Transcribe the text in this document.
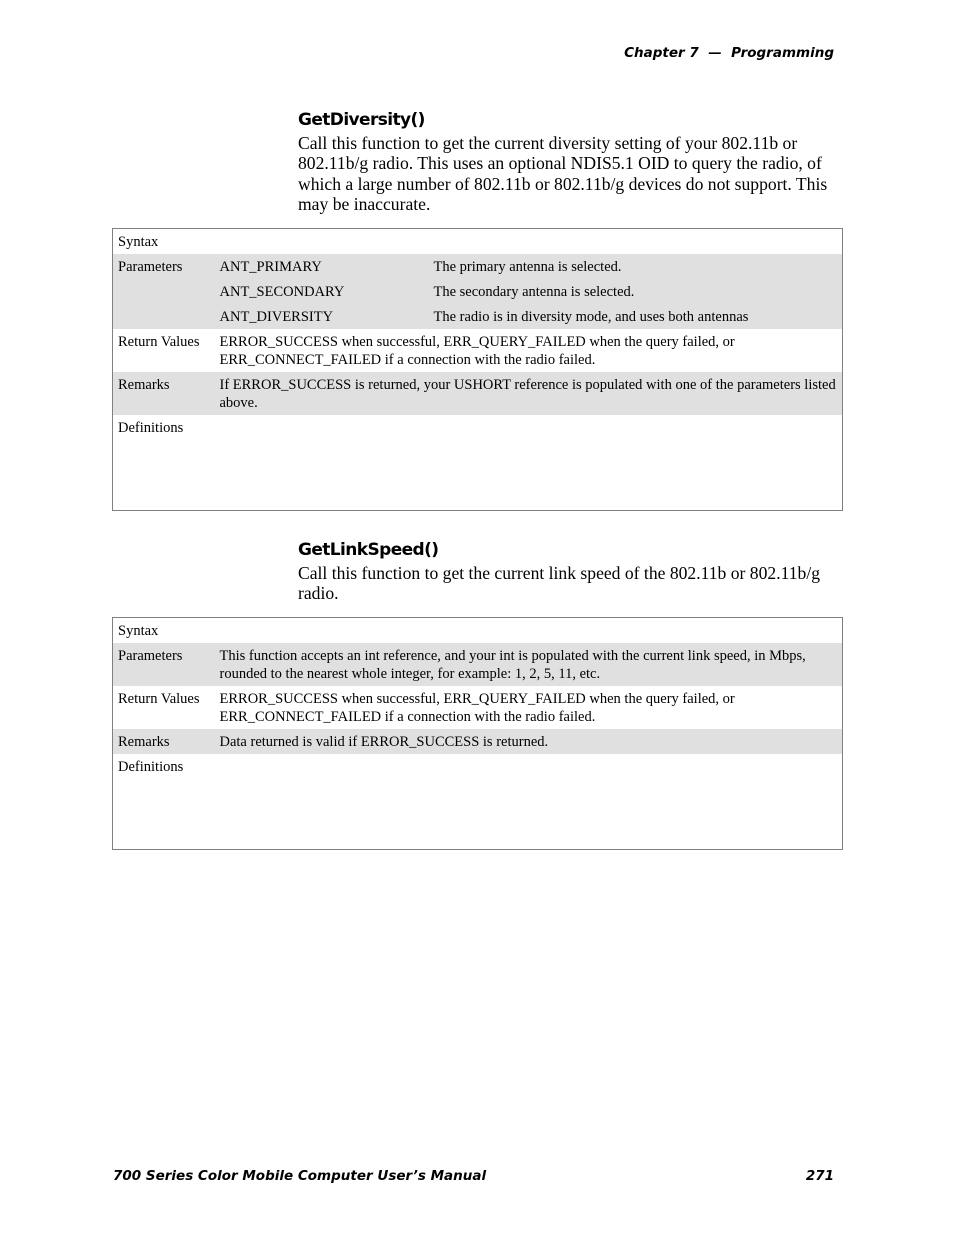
Chapter 7 — Programming
GetDiversity()
Call this function to get the current diversity setting of your 802.11b or 802.11b/g radio. This uses an optional NDIS5.1 OID to query the radio, of which a large number of 802.11b or 802.11b/g devices do not support. This may be inaccurate.
Syntax		
Parameters	ANT_PRIMARY	The primary antenna is selected.
	ANT_SECONDARY	The secondary antenna is selected.
	ANT_DIVERSITY	The radio is in diversity mode, and uses both antennas
Return Values	ERROR_SUCCESS when successful, ERR_QUERY_FAILED when the query failed, or ERR_CONNECT_FAILED if a connection with the radio failed.	
Remarks	If ERROR_SUCCESS is returned, your USHORT reference is populated with one of the parameters listed above.	
Definitions		
GetLinkSpeed()
Call this function to get the current link speed of the 802.11b or 802.11b/g radio.
Syntax	
Parameters	This function accepts an int reference, and your int is populated with the current link speed, in Mbps, rounded to the nearest whole integer, for example: 1, 2, 5, 11, etc.
Return Values	ERROR_SUCCESS when successful, ERR_QUERY_FAILED when the query failed, or ERR_CONNECT_FAILED if a connection with the radio failed.
Remarks	Data returned is valid if ERROR_SUCCESS is returned.
Definitions	
700 Series Color Mobile Computer User’s Manual	271
